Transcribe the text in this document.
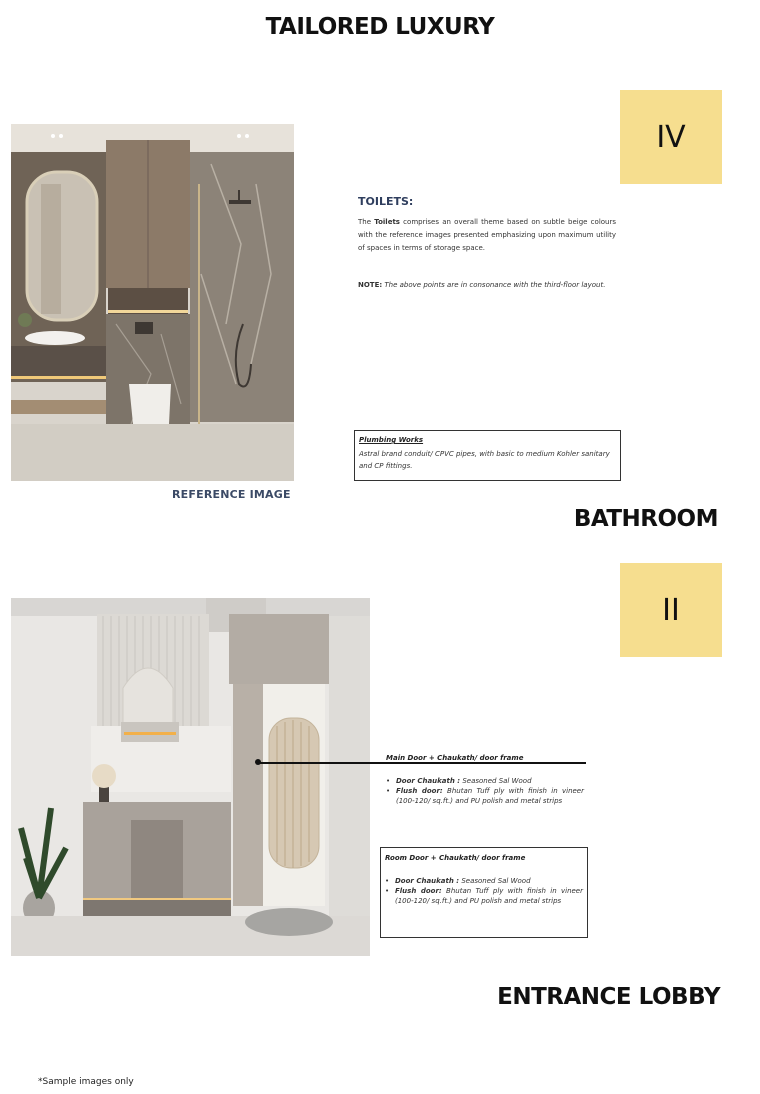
TAILORED LUXURY
IV
II
REFERENCE IMAGE
TOILETS:
The Toilets comprises an overall theme based on subtle beige colours with the reference images presented emphasizing upon maximum utility of spaces in terms of storage space.
NOTE: The above points are in consonance with the third-floor layout.
Plumbing Works
Astral brand conduit/ CPVC pipes, with basic to medium Kohler sanitary and CP fittings.
BATHROOM
Main Door + Chaukath/ door frame
• Door Chaukath : Seasoned Sal Wood
• Flush door: Bhutan Tuff ply with finish in vineer (100-120/ sq.ft.) and PU polish and metal strips
Room Door + Chaukath/ door frame
• Door Chaukath : Seasoned Sal Wood
• Flush door: Bhutan Tuff ply with finish in vineer (100-120/ sq.ft.) and PU polish and metal strips
ENTRANCE LOBBY
*Sample images only
